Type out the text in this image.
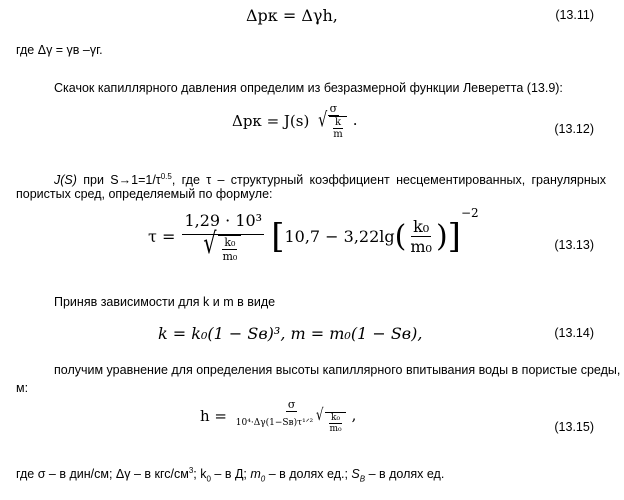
Δpк = Δγh,	(13.11)
где Δγ = γв –γг.
Скачок капиллярного давления определим из безразмерной функции Леверетта (13.9):
$\Delta pк = J(s) \frac{\sigma}{√ \frac{k}{m}}$ .	(13.12)
J(S) при $S\to 1=1/\tau^{0.5}$, где τ – структурный коэффициент несцементированных, гранулярных
пористых сред, определяемый по формуле:
$\tau = \frac{\text{1,29 · 10³}}{√ \frac{\text{k₀}}{\text{m₀}}} [10,7 - 3,22\lg( \frac{\text{k₀}}{\text{m₀}} )]^{-2}$
(13.13)
Приняв зависимости для k и m в виде
k = k₀(1 − Sв)³, m = m₀(1 − Sв),	(13.14)
получим уравнение для определения высоты капиллярного впитывания воды в пористые среды,
м:
$h = \frac{\sigma}{10^4\cdot\Delta\gamma(1-Sв)\tau^1ᐟ^2 √ \frac{\text{k₀}}{\text{m₀}}}$ ,
(13.15)
где σ – в дин/см; Δγ – в кгс/$см^3$; $k_0$ – в Д; $m_0$ – в долях ед.; $S_B$ – в долях ед.
